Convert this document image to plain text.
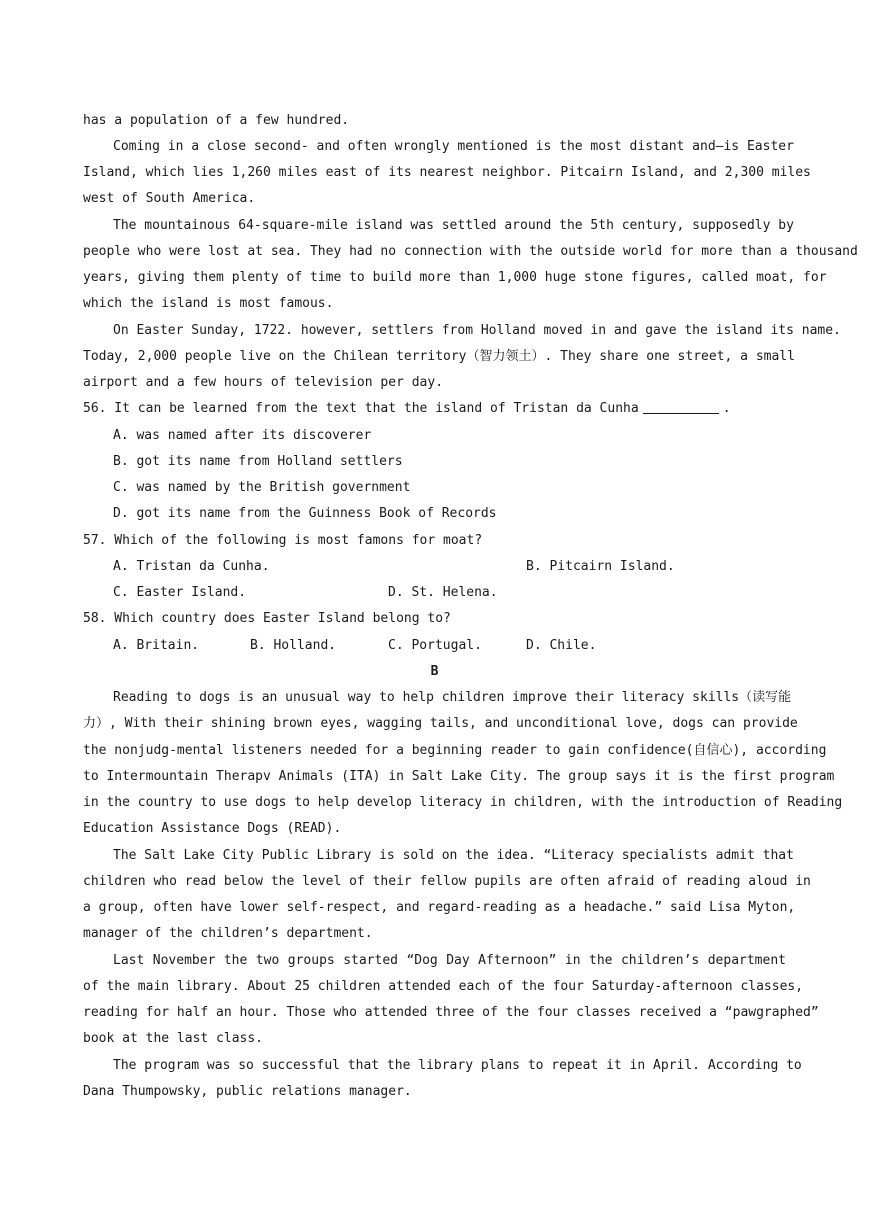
has a population of a few hundred.
Coming in a close second- and often wrongly mentioned is the most distant and—is Easter
Island, which lies 1,260 miles east of its nearest neighbor. Pitcairn Island, and 2,300 miles
west of South America.
The mountainous 64-square-mile island was settled around the 5th century, supposedly by
people who were lost at sea. They had no connection with the outside world for more than a thousand
years, giving them plenty of time to build more than 1,000 huge stone figures, called moat, for
which the island is most famous.
On Easter Sunday, 1722. however, settlers from Holland moved in and gave the island its name.
Today, 2,000 people live on the Chilean territory（智力领土）. They share one street, a small
airport and a few hours of television per day.
56. It can be learned from the text that the island of Tristan da Cunha	.
A. was named after its discoverer
B. got its name from Holland settlers
C. was named by the British government
D. got its name from the Guinness Book of Records
57. Which of the following is most famons for moat?
A. Tristan da Cunha.	B. Pitcairn Island.
C. Easter Island.	D. St. Helena.
58. Which country does Easter Island belong to?
A. Britain.	B. Holland.	C. Portugal.	D. Chile.
B
Reading to dogs is an unusual way to help children improve their literacy skills（读写能
力）, With their shining brown eyes, wagging tails, and unconditional love, dogs can provide
the nonjudg-mental listeners needed for a beginning reader to gain confidence(自信心), according
to Intermountain Therapv Animals (ITA) in Salt Lake City. The group says it is the first program
in the country to use dogs to help develop literacy in children, with the introduction of Reading
Education Assistance Dogs (READ).
The Salt Lake City Public Library is sold on the idea. “Literacy specialists admit that
children who read below the level of their fellow pupils are often afraid of reading aloud in
a group, often have lower self-respect, and regard-reading as a headache.” said Lisa Myton,
manager of the children’s department.
Last November the two groups started “Dog Day Afternoon” in the children’s department
of the main library. About 25 children attended each of the four Saturday-afternoon classes,
reading for half an hour. Those who attended three of the four classes received a “pawgraphed”
book at the last class.
The program was so successful that the library plans to repeat it in April. According to
Dana Thumpowsky, public relations manager.
